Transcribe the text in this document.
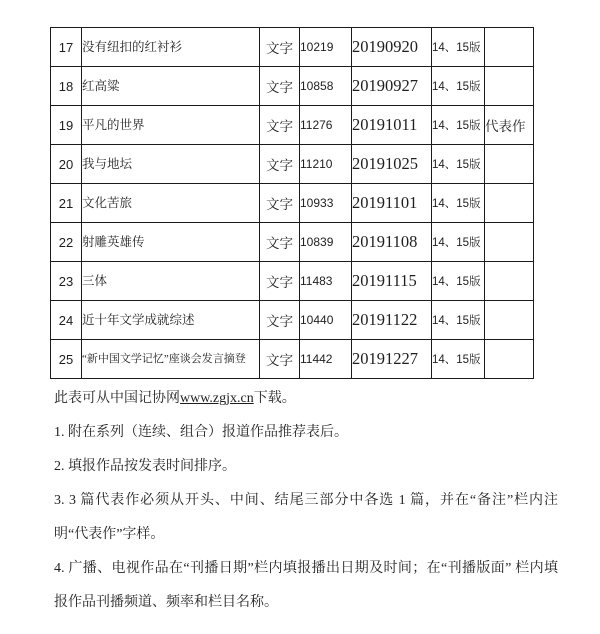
17	没有纽扣的红衬衫	文字	10219	20190920	14、15版	
18	红高粱	文字	10858	20190927	14、15版	
19	平凡的世界	文字	11276	20191011	14、15版	代表作
20	我与地坛	文字	11210	20191025	14、15版	
21	文化苦旅	文字	10933	20191101	14、15版	
22	射雕英雄传	文字	10839	20191108	14、15版	
23	三体	文字	11483	20191115	14、15版	
24	近十年文学成就综述	文字	10440	20191122	14、15版	
25	“新中国文学记忆”座谈会发言摘登	文字	11442	20191227	14、15版	

此表可从中国记协网www.zgjx.cn下载。

1. 附在系列（连续、组合）报道作品推荐表后。

2. 填报作品按发表时间排序。

3. 3 篇代表作必须从开头、中间、结尾三部分中各选 1 篇，并在“备注”栏内注明“代表作”字样。

4. 广播、电视作品在“刊播日期”栏内填报播出日期及时间；在“刊播版面” 栏内填报作品刊播频道、频率和栏目名称。
